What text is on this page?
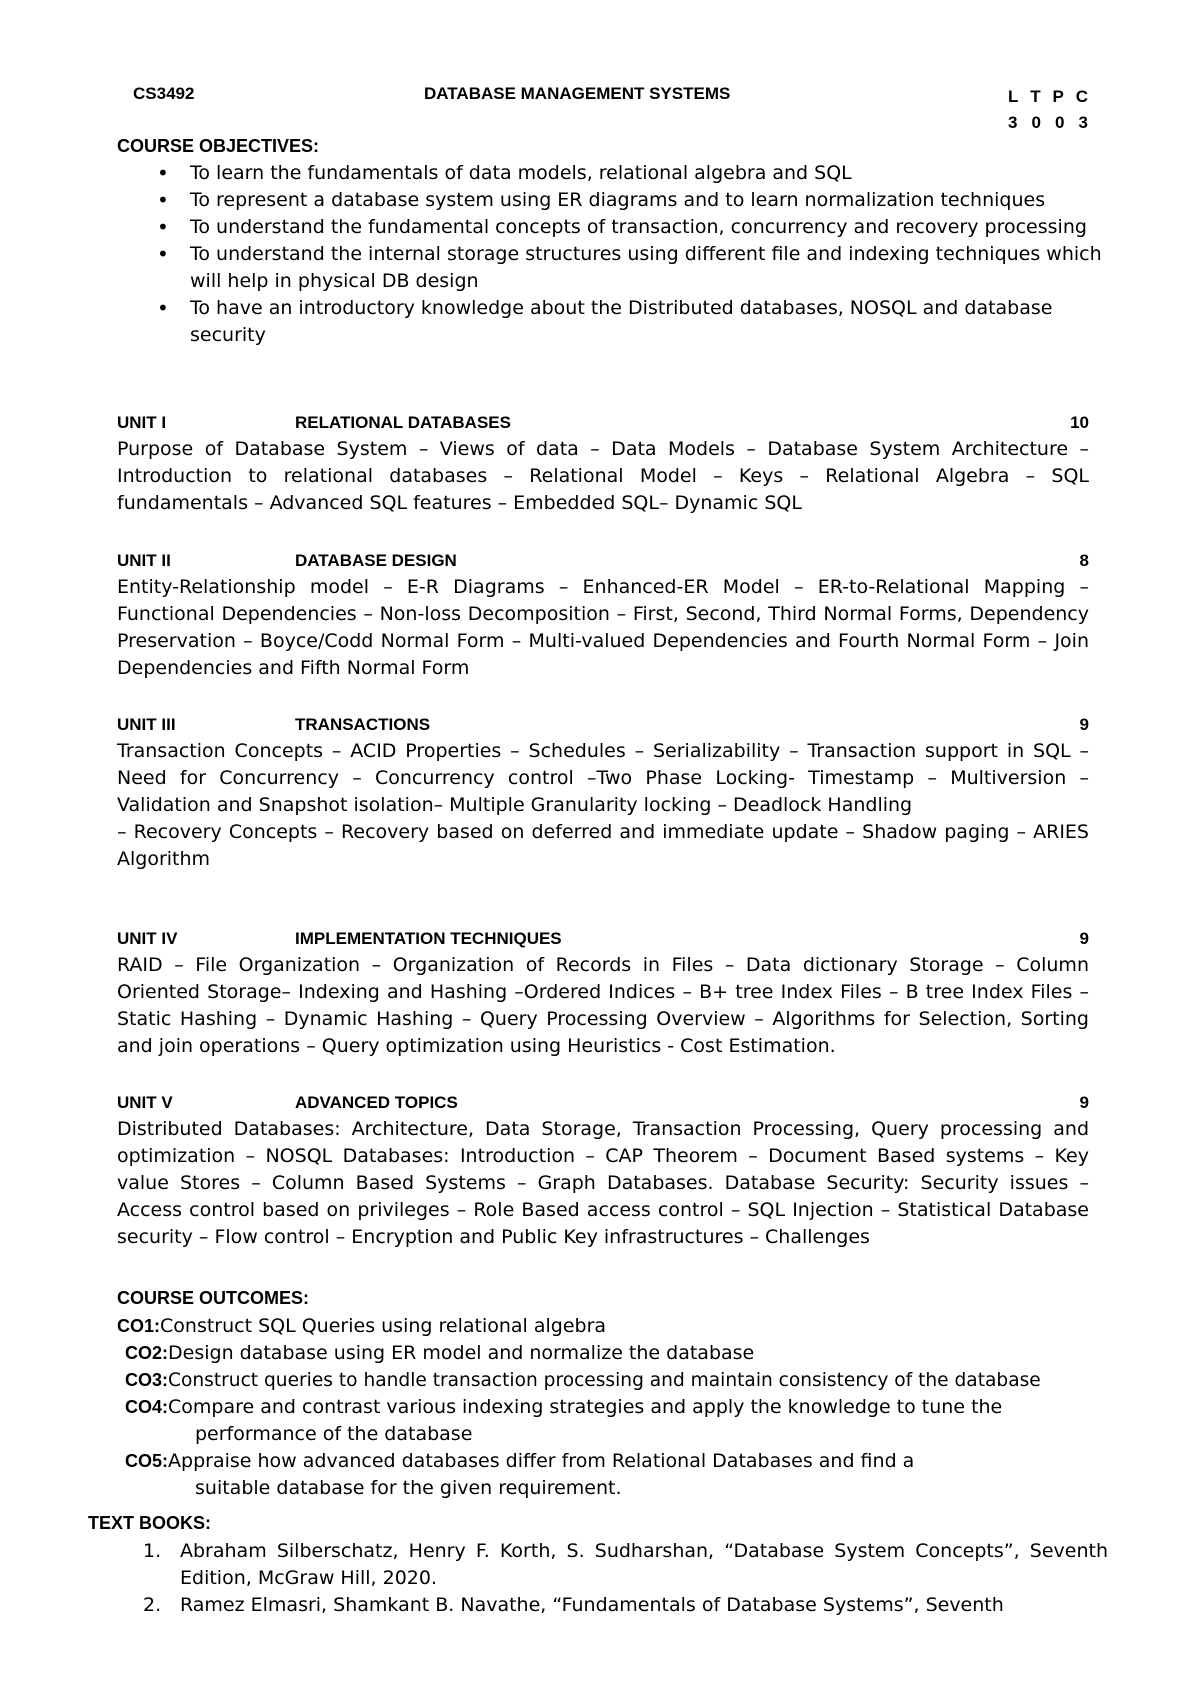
CS3492	DATABASE MANAGEMENT SYSTEMS	L T P C
3 0 0 3
COURSE OBJECTIVES:
• To learn the fundamentals of data models, relational algebra and SQL
• To represent a database system using ER diagrams and to learn normalization techniques
• To understand the fundamental concepts of transaction, concurrency and recovery processing
• To understand the internal storage structures using different file and indexing techniques which will help in physical DB design
• To have an introductory knowledge about the Distributed databases, NOSQL and database security
UNIT I	RELATIONAL DATABASES	10

Purpose of Database System – Views of data – Data Models – Database System Architecture – Introduction to relational databases – Relational Model – Keys – Relational Algebra – SQL fundamentals – Advanced SQL features – Embedded SQL– Dynamic SQL

UNIT II	DATABASE DESIGN	8

Entity-Relationship model – E-R Diagrams – Enhanced-ER Model – ER-to-Relational Mapping – Functional Dependencies – Non-loss Decomposition – First, Second, Third Normal Forms, Dependency Preservation – Boyce/Codd Normal Form – Multi-valued Dependencies and Fourth Normal Form – Join Dependencies and Fifth Normal Form

UNIT III	TRANSACTIONS	9

Transaction Concepts – ACID Properties – Schedules – Serializability – Transaction support in SQL – Need for Concurrency – Concurrency control –Two Phase Locking- Timestamp – Multiversion – Validation and Snapshot isolation– Multiple Granularity locking – Deadlock Handling

– Recovery Concepts – Recovery based on deferred and immediate update – Shadow paging – ARIES Algorithm

UNIT IV	IMPLEMENTATION TECHNIQUES	9

RAID – File Organization – Organization of Records in Files – Data dictionary Storage – Column Oriented Storage– Indexing and Hashing –Ordered Indices – B+ tree Index Files – B tree Index Files – Static Hashing – Dynamic Hashing – Query Processing Overview – Algorithms for Selection, Sorting and join operations – Query optimization using Heuristics - Cost Estimation.

UNIT V	ADVANCED TOPICS	9

Distributed Databases: Architecture, Data Storage, Transaction Processing, Query processing and optimization – NOSQL Databases: Introduction – CAP Theorem – Document Based systems – Key value Stores – Column Based Systems – Graph Databases. Database Security: Security issues – Access control based on privileges – Role Based access control – SQL Injection – Statistical Database security – Flow control – Encryption and Public Key infrastructures – Challenges

COURSE OUTCOMES:
CO1:Construct SQL Queries using relational algebra
CO2:Design database using ER model and normalize the database
CO3:Construct queries to handle transaction processing and maintain consistency of the database
CO4:Compare and contrast various indexing strategies and apply the knowledge to tune the
performance of the database
CO5:Appraise how advanced databases differ from Relational Databases and find a
suitable database for the given requirement.
TEXT BOOKS:
1. Abraham Silberschatz, Henry F. Korth, S. Sudharshan, “Database System Concepts”, Seventh Edition, McGraw Hill, 2020.
2. Ramez Elmasri, Shamkant B. Navathe, “Fundamentals of Database Systems”, Seventh
